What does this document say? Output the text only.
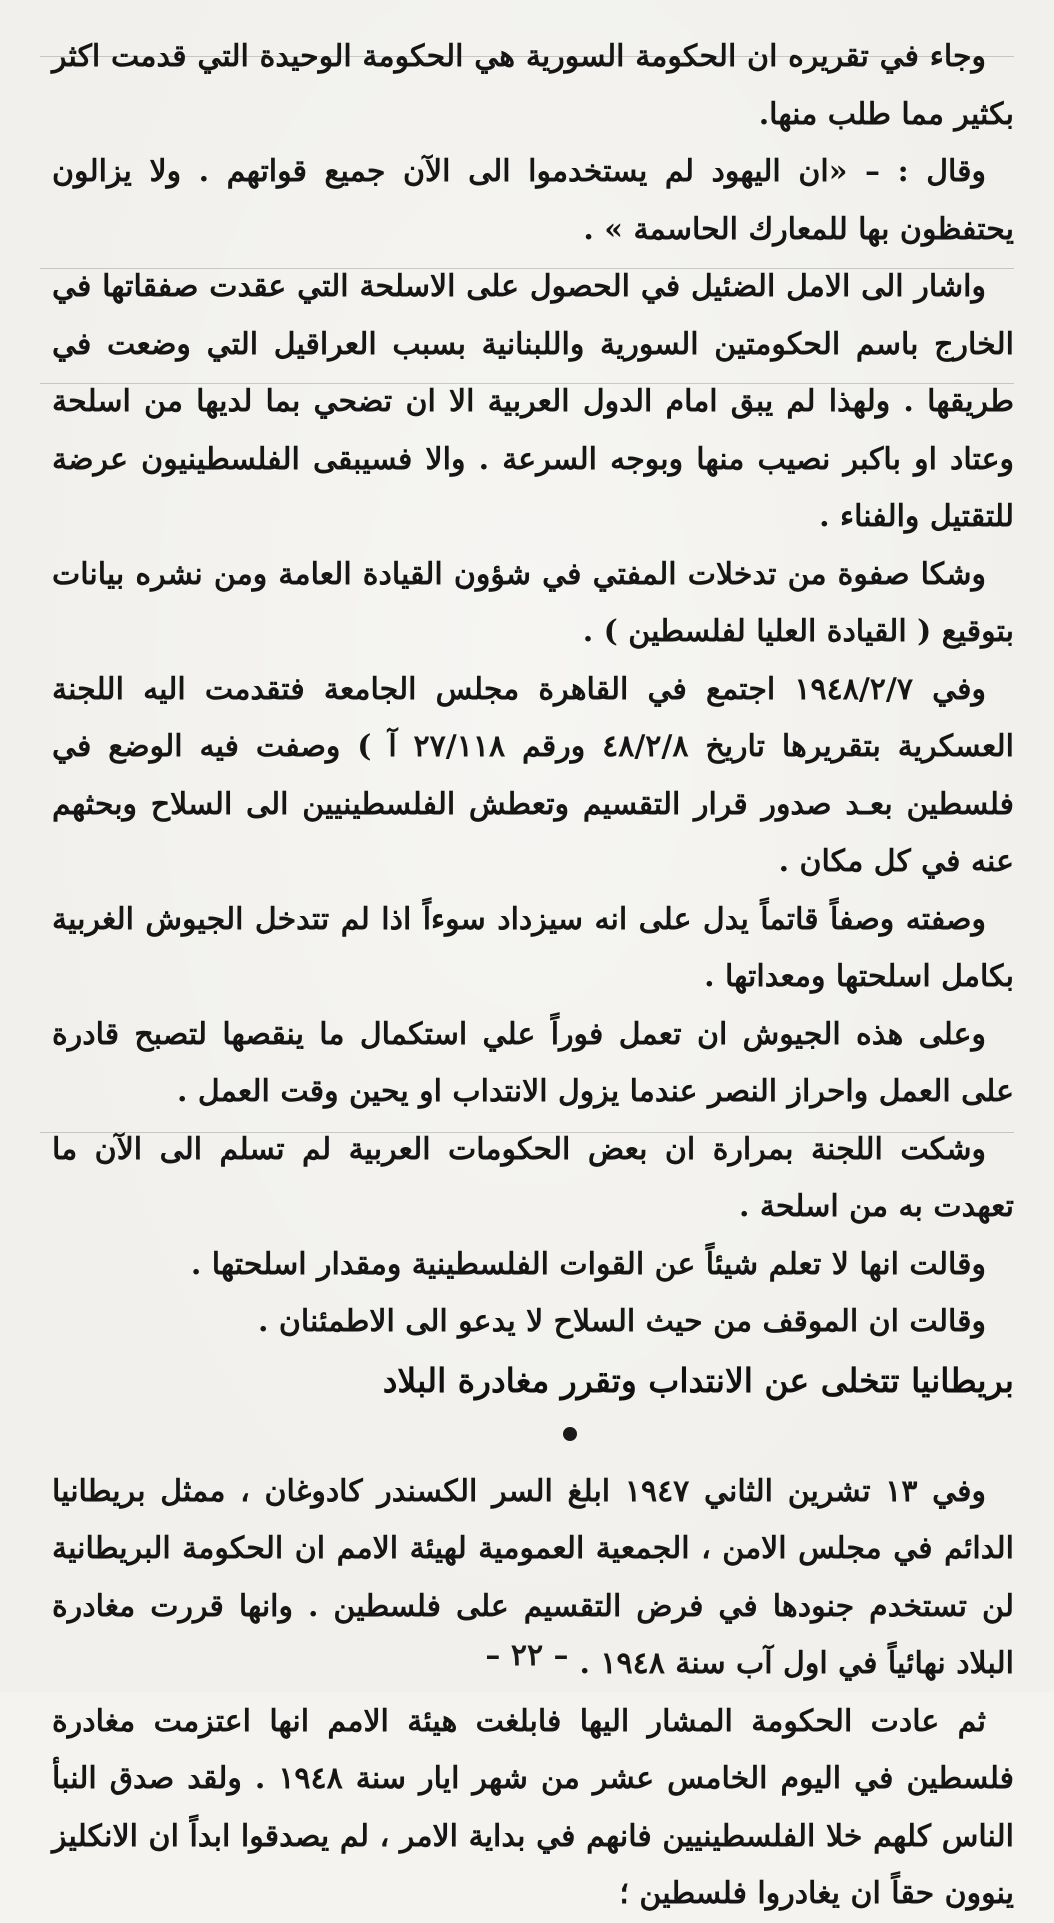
وجاء في تقريره ان الحكومة السورية هي الحكومة الوحيدة التي قدمت اكثر بكثير مما طلب منها.

وقال : – «ان اليهود لم يستخدموا الى الآن جميع قواتهم . ولا يزالون يحتفظون بها للمعارك الحاسمة » .

واشار الى الامل الضئيل في الحصول على الاسلحة التي عقدت صفقاتها في الخارج باسم الحكومتين السورية واللبنانية بسبب العراقيل التي وضعت في طريقها . ولهذا لم يبق امام الدول العربية الا ان تضحي بما لديها من اسلحة وعتاد او باكبر نصيب منها وبوجه السرعة . والا فسيبقى الفلسطينيون عرضة للتقتيل والفناء .

وشكا صفوة من تدخلات المفتي في شؤون القيادة العامة ومن نشره بيانات بتوقيع ( القيادة العليا لفلسطين ) .

وفي ١٩٤٨/٢/٧ اجتمع في القاهرة مجلس الجامعة فتقدمت اليه اللجنة العسكرية بتقريرها تاريخ ٤٨/٢/٨ ورقم ٢٧/١١٨ آ ) وصفت فيه الوضع في فلسطين بعـد صدور قرار التقسيم وتعطش الفلسطينيين الى السلاح وبحثهم عنه في كل مكان .

وصفته وصفاً قاتماً يدل على انه سيزداد سوءاً اذا لم تتدخل الجيوش الغربية بكامل اسلحتها ومعداتها .

وعلى هذه الجيوش ان تعمل فوراً علي استكمال ما ينقصها لتصبح قادرة على العمل واحراز النصر عندما يزول الانتداب او يحين وقت العمل .

وشكت اللجنة بمرارة ان بعض الحكومات العربية لم تسلم الى الآن ما تعهدت به من اسلحة .

وقالت انها لا تعلم شيئاً عن القوات الفلسطينية ومقدار اسلحتها .

وقالت ان الموقف من حيث السلاح لا يدعو الى الاطمئنان .

بريطانيا تتخلى عن الانتداب وتقرر مغادرة البلاد

وفي ١٣ تشرين الثاني ١٩٤٧ ابلغ السر الكسندر كادوغان ، ممثل بريطانيا الدائم في مجلس الامن ، الجمعية العمومية لهيئة الامم ان الحكومة البريطانية لن تستخدم جنودها في فرض التقسيم على فلسطين . وانها قررت مغادرة البلاد نهائياً في اول آب سنة ١٩٤٨ .

ثم عادت الحكومة المشار اليها فابلغت هيئة الامم انها اعتزمت مغادرة فلسطين في اليوم الخامس عشر من شهر ايار سنة ١٩٤٨ . ولقد صدق النبأ الناس كلهم خلا الفلسطينيين فانهم في بداية الامر ، لم يصدقوا ابداً ان الانكليز ينوون حقاً ان يغادروا فلسطين ؛

– ٢٢ –
